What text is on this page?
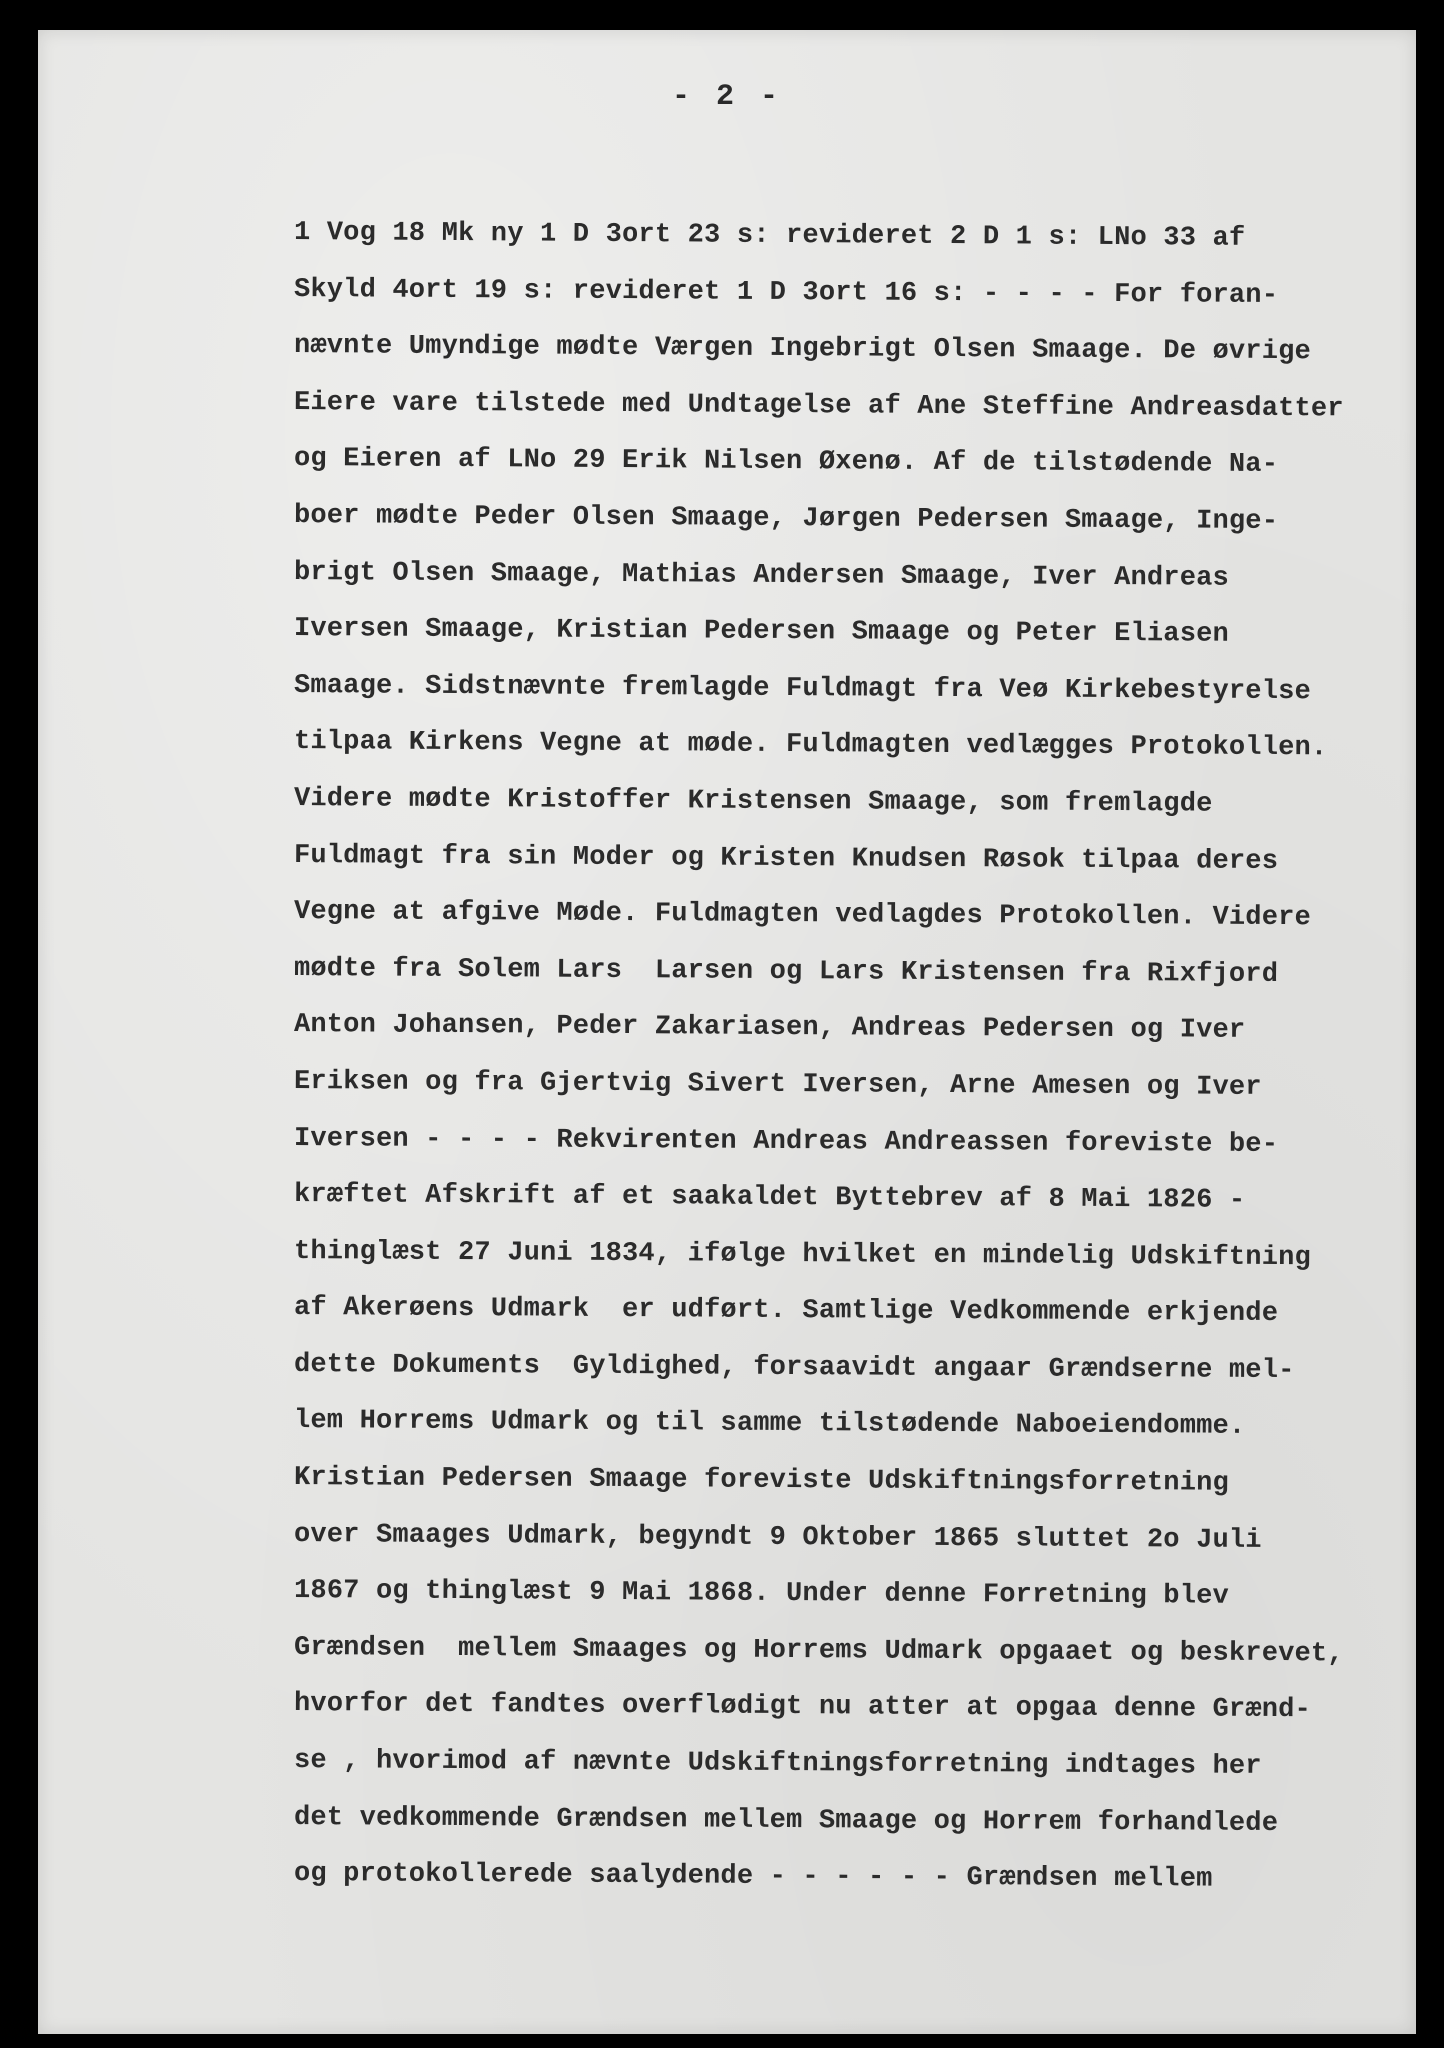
- 2 -
1 Vog 18 Mk ny 1 D 3ort 23 s: revideret 2 D 1 s: LNo 33 af
Skyld 4ort 19 s: revideret 1 D 3ort 16 s: - - - - For foran-
nævnte Umyndige mødte Værgen Ingebrigt Olsen Smaage. De øvrige
Eiere vare tilstede med Undtagelse af Ane Steffine Andreasdatter
og Eieren af LNo 29 Erik Nilsen Øxenø. Af de tilstødende Na-
boer mødte Peder Olsen Smaage, Jørgen Pedersen Smaage, Inge-
brigt Olsen Smaage, Mathias Andersen Smaage, Iver Andreas
Iversen Smaage, Kristian Pedersen Smaage og Peter Eliasen
Smaage. Sidstnævnte fremlagde Fuldmagt fra Veø Kirkebestyrelse
tilpaa Kirkens Vegne at møde. Fuldmagten vedlægges Protokollen.
Videre mødte Kristoffer Kristensen Smaage, som fremlagde
Fuldmagt fra sin Moder og Kristen Knudsen Røsok tilpaa deres
Vegne at afgive Møde. Fuldmagten vedlagdes Protokollen. Videre
mødte fra Solem Lars  Larsen og Lars Kristensen fra Rixfjord
Anton Johansen, Peder Zakariasen, Andreas Pedersen og Iver
Eriksen og fra Gjertvig Sivert Iversen, Arne Amesen og Iver
Iversen - - - - Rekvirenten Andreas Andreassen foreviste be-
kræftet Afskrift af et saakaldet Byttebrev af 8 Mai 1826 -
thinglæst 27 Juni 1834, ifølge hvilket en mindelig Udskiftning
af Akerøens Udmark  er udført. Samtlige Vedkommende erkjende
dette Dokuments  Gyldighed, forsaavidt angaar Grændserne mel-
lem Horrems Udmark og til samme tilstødende Naboeiendomme.
Kristian Pedersen Smaage foreviste Udskiftningsforretning
over Smaages Udmark, begyndt 9 Oktober 1865 sluttet 2o Juli
1867 og thinglæst 9 Mai 1868. Under denne Forretning blev
Grændsen  mellem Smaages og Horrems Udmark opgaaet og beskrevet,
hvorfor det fandtes overflødigt nu atter at opgaa denne Grænd-
se , hvorimod af nævnte Udskiftningsforretning indtages her
det vedkommende Grændsen mellem Smaage og Horrem forhandlede
og protokollerede saalydende - - - - - - Grændsen mellem
